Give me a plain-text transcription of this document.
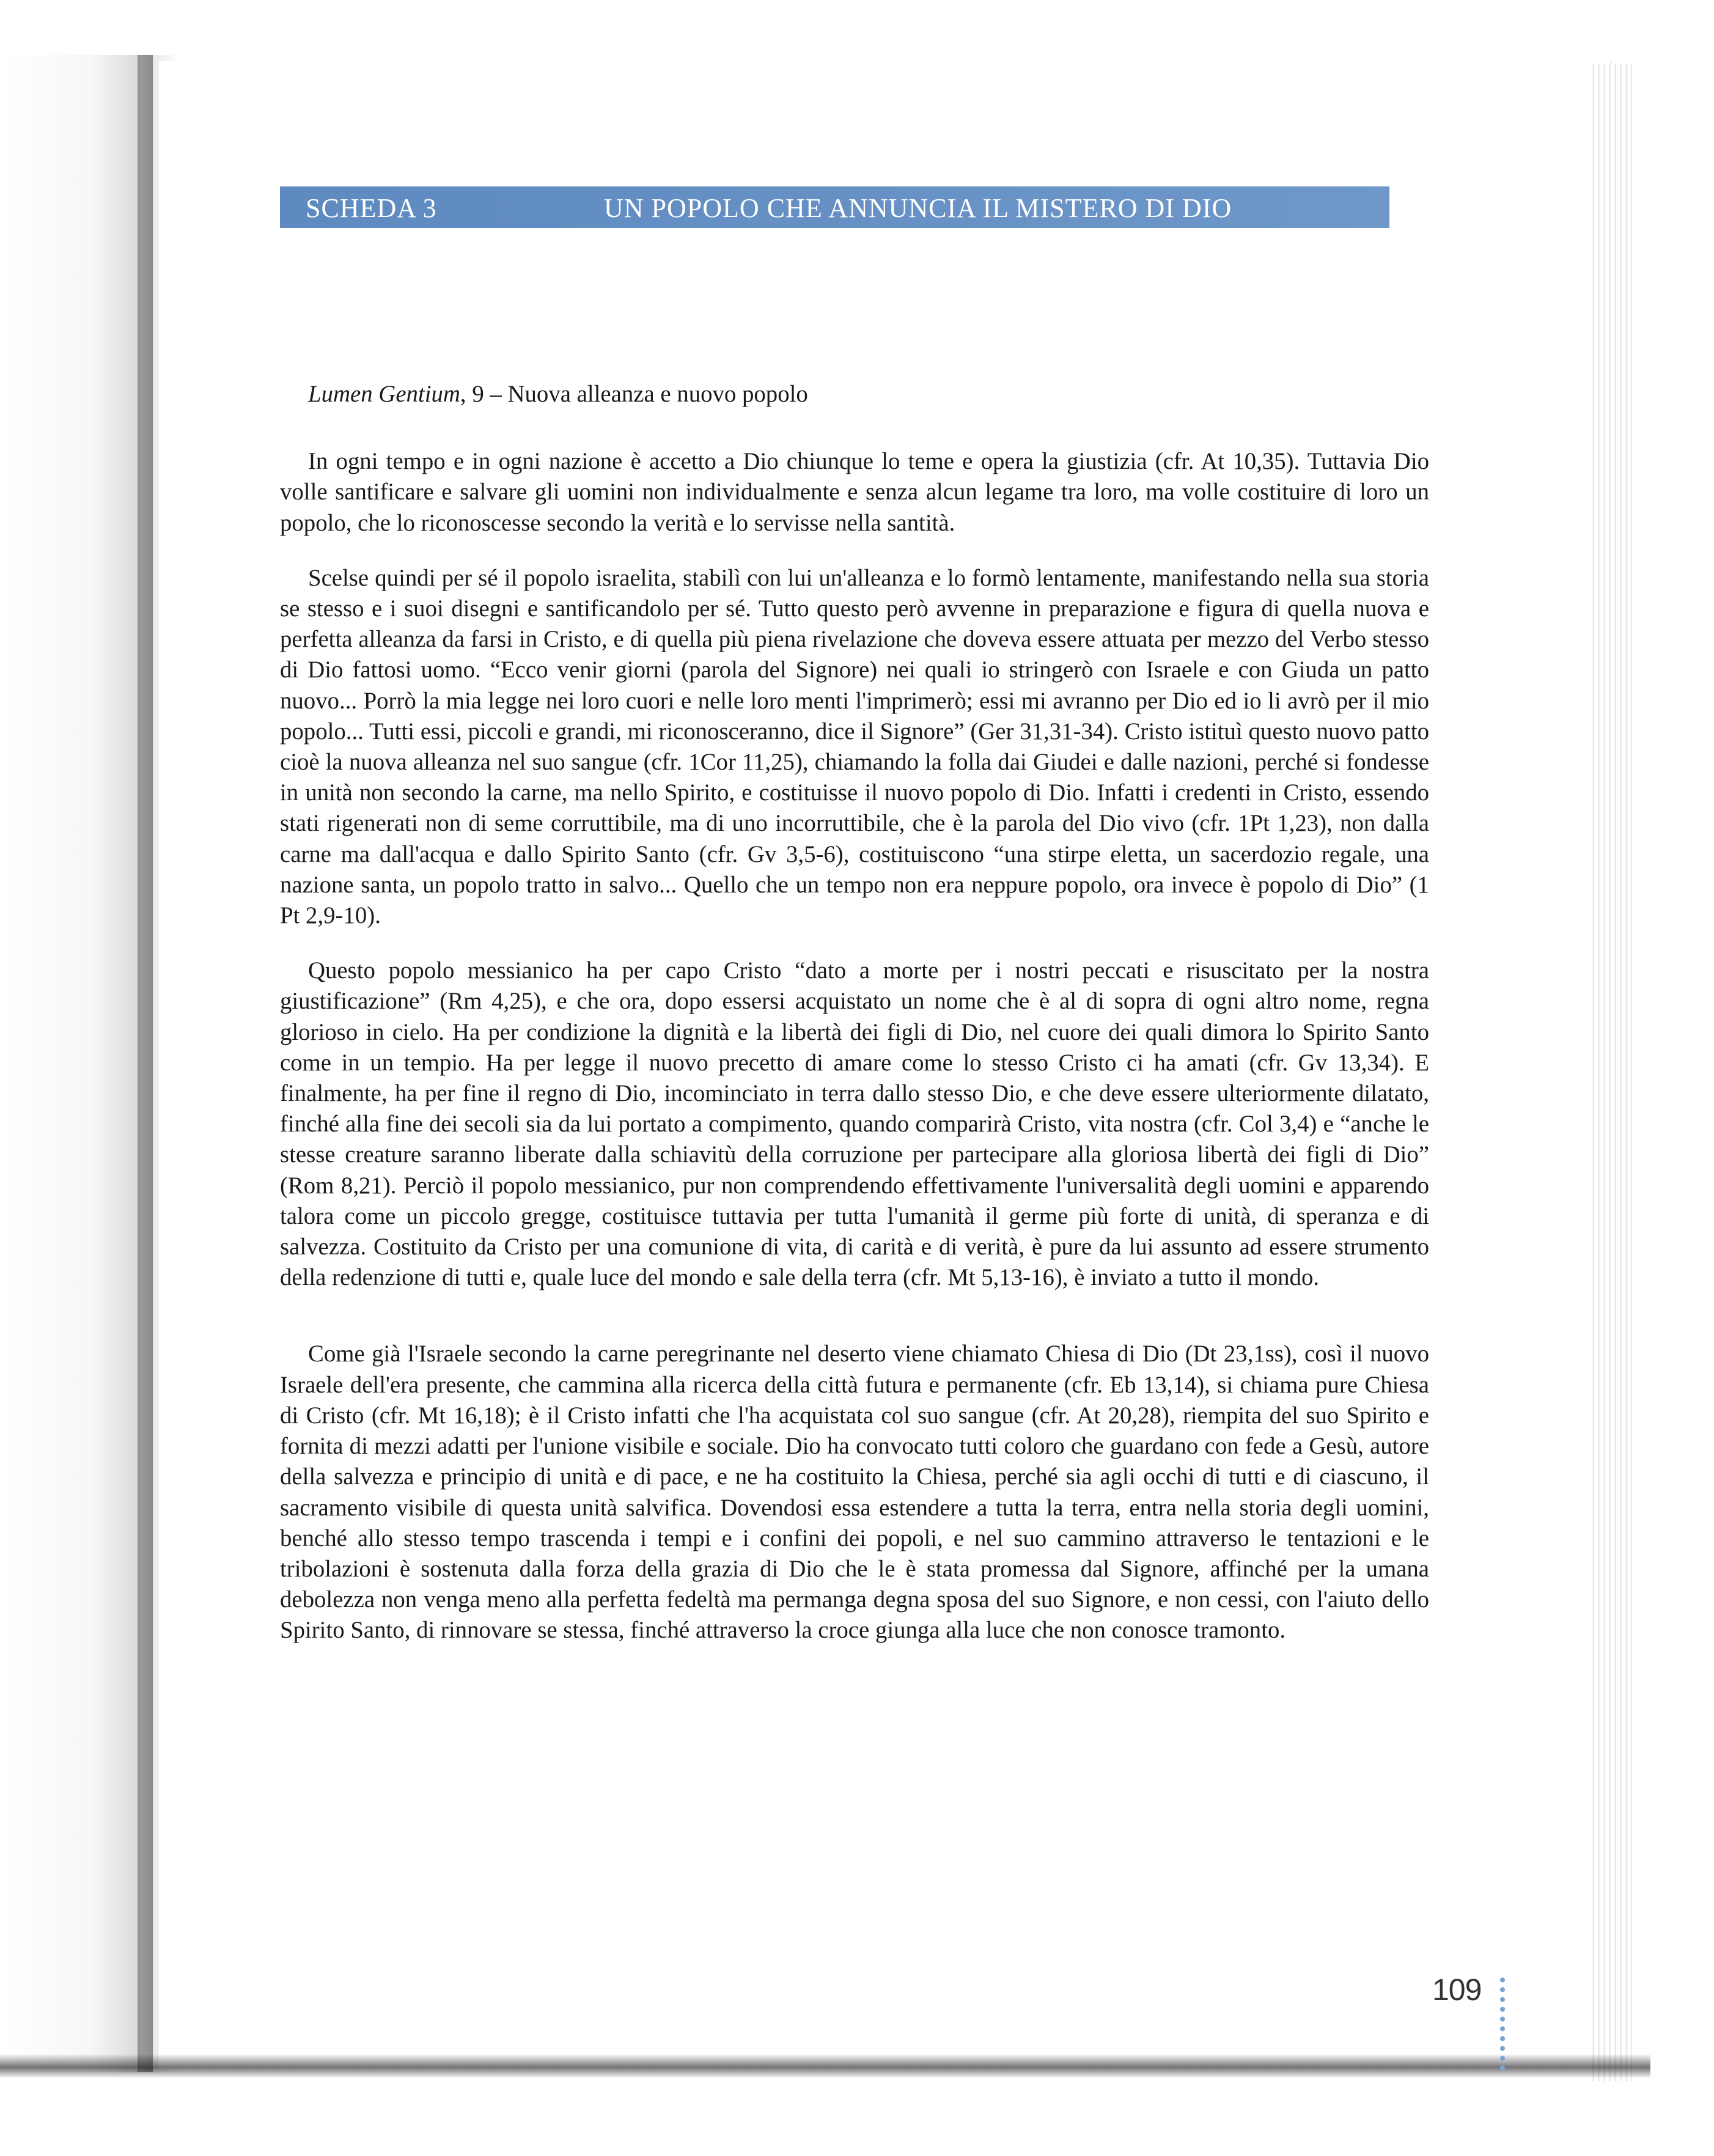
SCHEDA 3	UN POPOLO CHE ANNUNCIA IL MISTERO DI DIO

Lumen Gentium, 9 – Nuova alleanza e nuovo popolo

In ogni tempo e in ogni nazione è accetto a Dio chiunque lo teme e opera la giustizia (cfr. At 10,35). Tuttavia Dio volle santificare e salvare gli uomini non individualmente e senza alcun legame tra loro, ma volle costituire di loro un popolo, che lo riconoscesse secondo la verità e lo servisse nella santità.

Scelse quindi per sé il popolo israelita, stabilì con lui un'alleanza e lo formò lentamente, manifestando nella sua storia se stesso e i suoi disegni e santificandolo per sé. Tutto questo però avvenne in preparazione e figura di quella nuova e perfetta alleanza da farsi in Cristo, e di quella più piena rivelazione che doveva essere attuata per mezzo del Verbo stesso di Dio fattosi uomo. “Ecco venir giorni (parola del Signore) nei quali io stringerò con Israele e con Giuda un patto nuovo... Porrò la mia legge nei loro cuori e nelle loro menti l'imprimerò; essi mi avranno per Dio ed io li avrò per il mio popolo... Tutti essi, piccoli e grandi, mi riconosceranno, dice il Signore” (Ger 31,31-34). Cristo istituì questo nuovo patto cioè la nuova alleanza nel suo sangue (cfr. 1Cor 11,25), chiamando la folla dai Giudei e dalle nazioni, perché si fondesse in unità non secondo la carne, ma nello Spirito, e costituisse il nuovo popolo di Dio. Infatti i credenti in Cristo, essendo stati rigenerati non di seme corruttibile, ma di uno incorruttibile, che è la parola del Dio vivo (cfr. 1Pt 1,23), non dalla carne ma dall'acqua e dallo Spirito Santo (cfr. Gv 3,5-6), costituiscono “una stirpe eletta, un sacerdozio regale, una nazione santa, un popolo tratto in salvo... Quello che un tempo non era neppure popolo, ora invece è popolo di Dio” (1 Pt 2,9-10).

Questo popolo messianico ha per capo Cristo “dato a morte per i nostri peccati e risuscitato per la nostra giustificazione” (Rm 4,25), e che ora, dopo essersi acquistato un nome che è al di sopra di ogni altro nome, regna glorioso in cielo. Ha per condizione la dignità e la libertà dei figli di Dio, nel cuore dei quali dimora lo Spirito Santo come in un tempio. Ha per legge il nuovo precetto di amare come lo stesso Cristo ci ha amati (cfr. Gv 13,34). E finalmente, ha per fine il regno di Dio, incominciato in terra dallo stesso Dio, e che deve essere ulteriormente dilatato, finché alla fine dei secoli sia da lui portato a compimento, quando comparirà Cristo, vita nostra (cfr. Col 3,4) e “anche le stesse creature saranno liberate dalla schiavitù della corruzione per partecipare alla gloriosa libertà dei figli di Dio” (Rom 8,21). Perciò il popolo messianico, pur non comprendendo effettivamente l'universalità degli uomini e apparendo talora come un piccolo gregge, costituisce tuttavia per tutta l'umanità il germe più forte di unità, di speranza e di salvezza. Costituito da Cristo per una comunione di vita, di carità e di verità, è pure da lui assunto ad essere strumento della redenzione di tutti e, quale luce del mondo e sale della terra (cfr. Mt 5,13-16), è inviato a tutto il mondo.

Come già l'Israele secondo la carne peregrinante nel deserto viene chiamato Chiesa di Dio (Dt 23,1ss), così il nuovo Israele dell'era presente, che cammina alla ricerca della città futura e permanente (cfr. Eb 13,14), si chiama pure Chiesa di Cristo (cfr. Mt 16,18); è il Cristo infatti che l'ha acquistata col suo sangue (cfr. At 20,28), riempita del suo Spirito e fornita di mezzi adatti per l'unione visibile e sociale. Dio ha convocato tutti coloro che guardano con fede a Gesù, autore della salvezza e principio di unità e di pace, e ne ha costituito la Chiesa, perché sia agli occhi di tutti e di ciascuno, il sacramento visibile di questa unità salvifica. Dovendosi essa estendere a tutta la terra, entra nella storia degli uomini, benché allo stesso tempo trascenda i tempi e i confini dei popoli, e nel suo cammino attraverso le tentazioni e le tribolazioni è sostenuta dalla forza della grazia di Dio che le è stata promessa dal Signore, affinché per la umana debolezza non venga meno alla perfetta fedeltà ma permanga degna sposa del suo Signore, e non cessi, con l'aiuto dello Spirito Santo, di rinnovare se stessa, finché attraverso la croce giunga alla luce che non conosce tramonto.

109
